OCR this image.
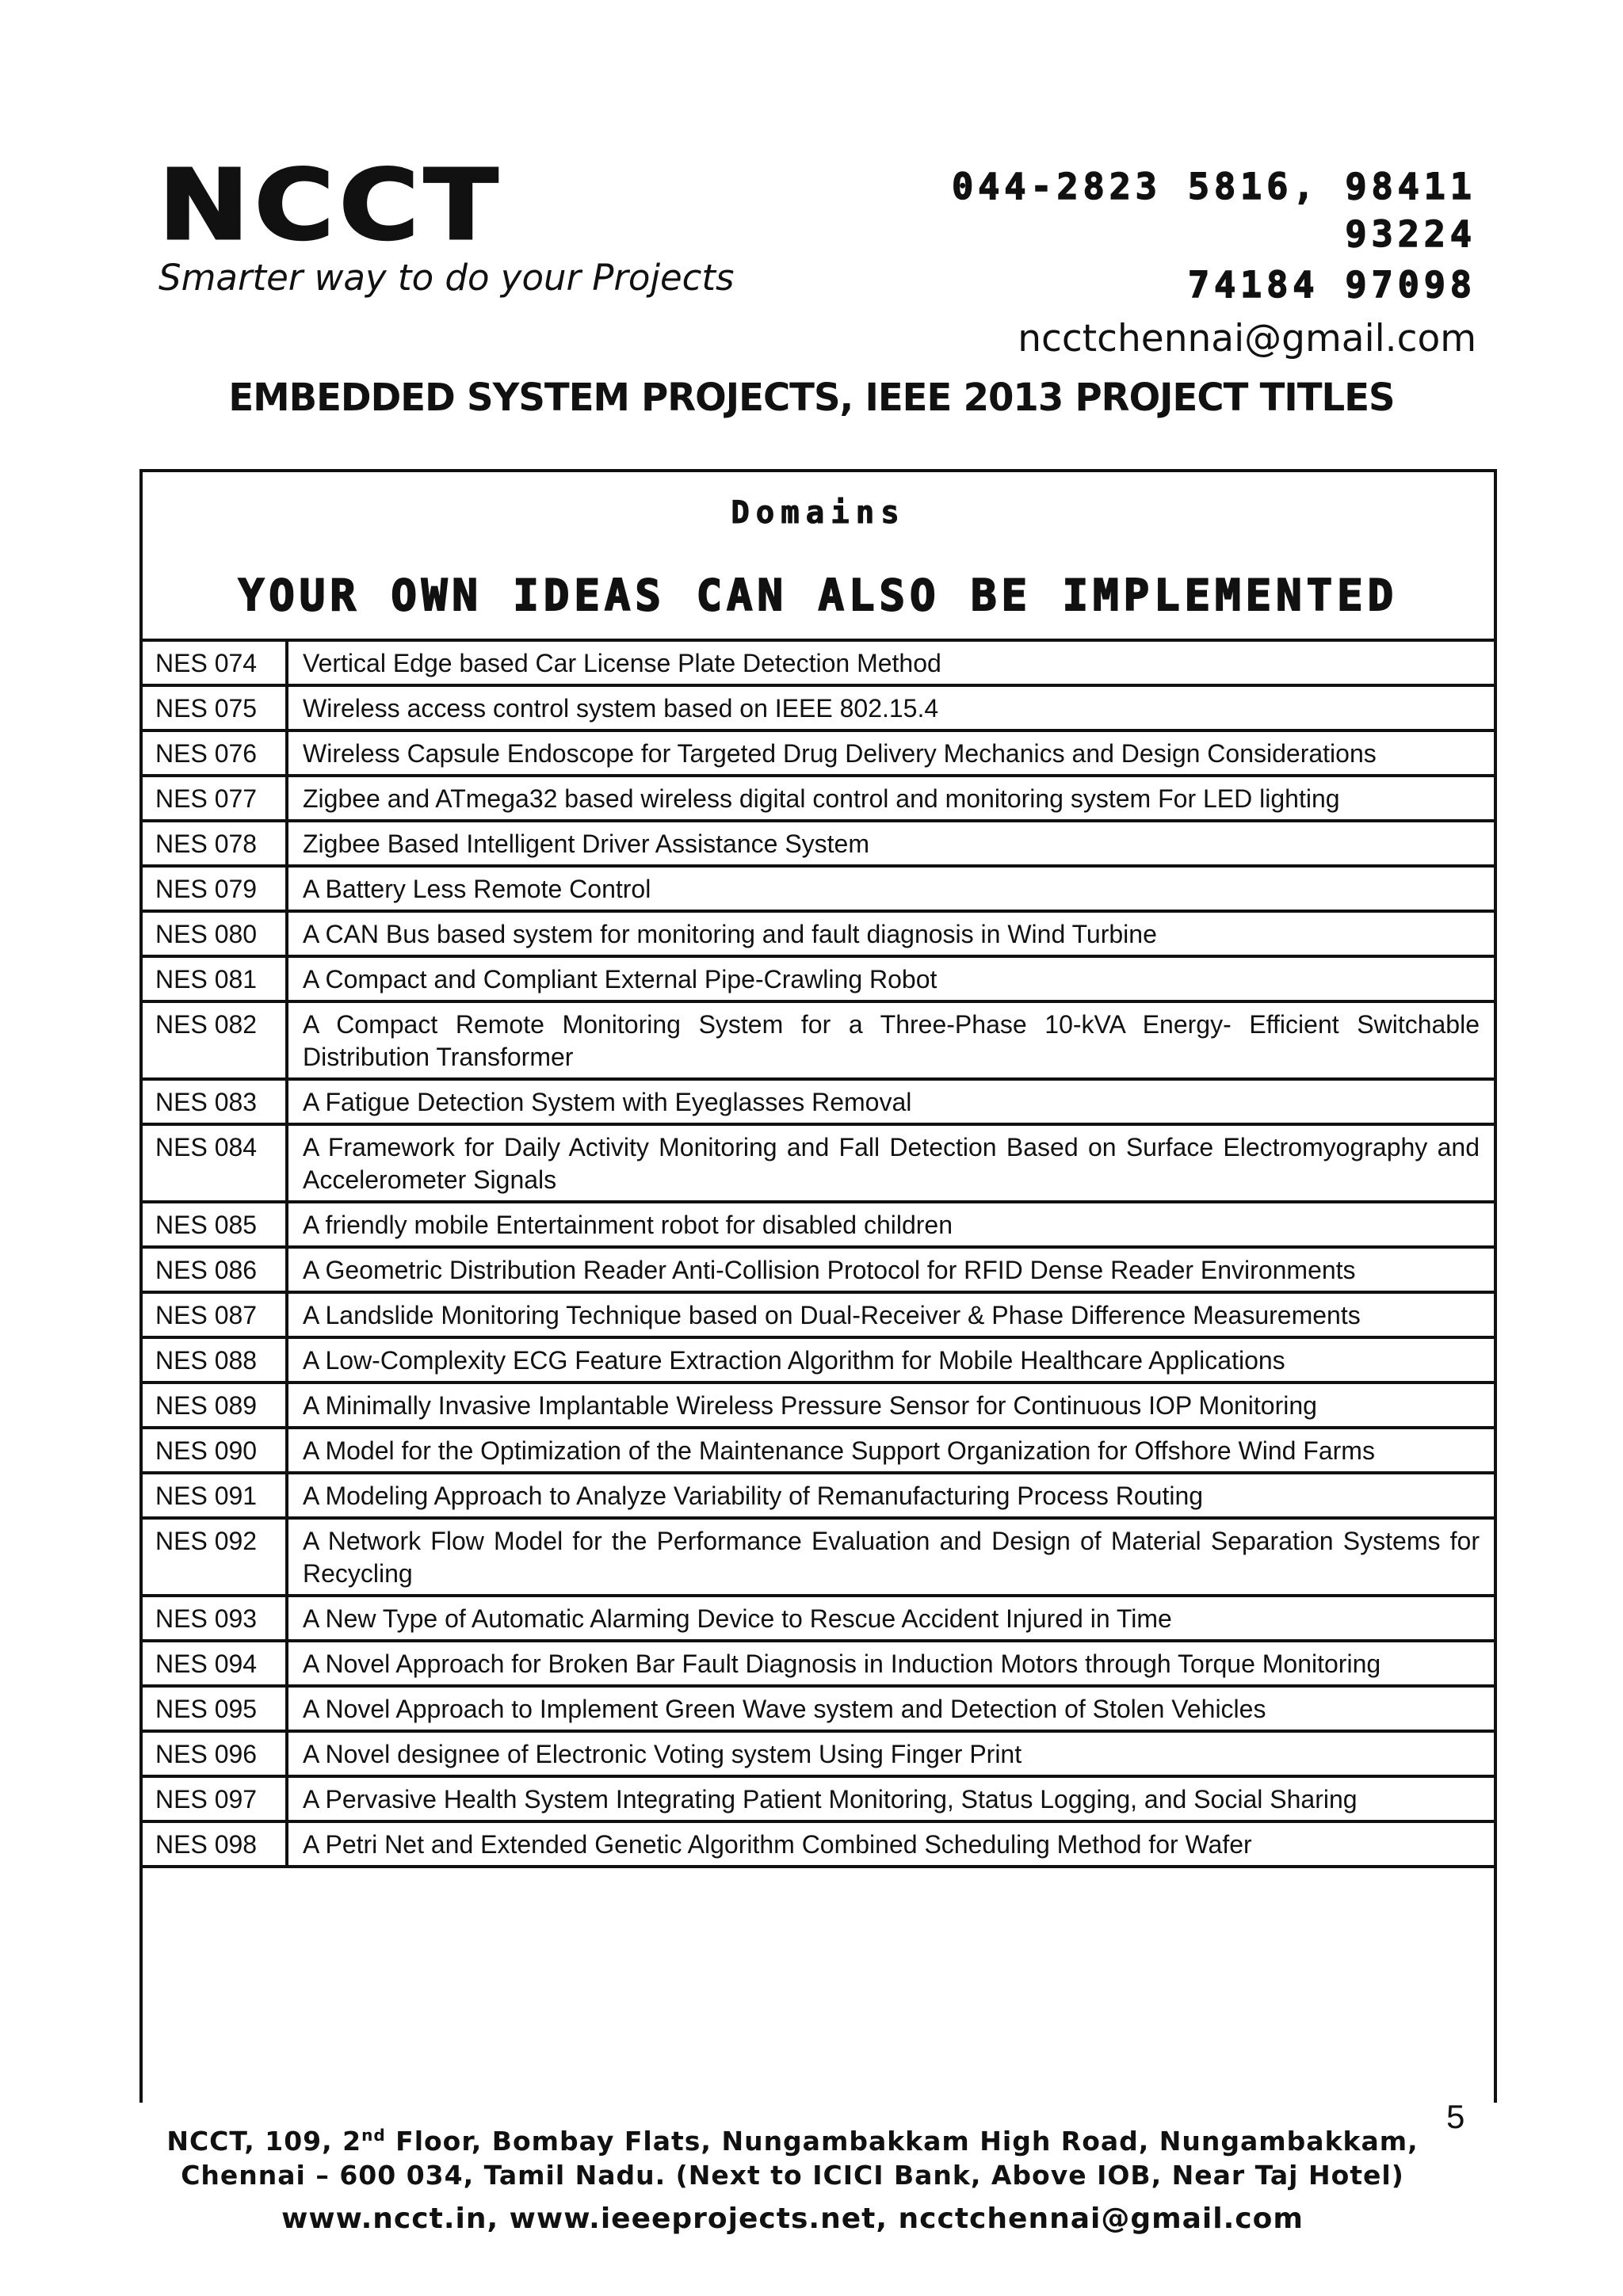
NCCT
Smarter way to do your Projects
044-2823 5816, 98411
93224
74184 97098
ncctchennai@gmail.com
EMBEDDED SYSTEM PROJECTS, IEEE 2013 PROJECT TITLES
Domains
YOUR OWN IDEAS CAN ALSO BE IMPLEMENTED
NES 074	Vertical Edge based Car License Plate Detection Method
NES 075	Wireless access control system based on IEEE 802.15.4
NES 076	Wireless Capsule Endoscope for Targeted Drug Delivery Mechanics and Design Considerations
NES 077	Zigbee and ATmega32 based wireless digital control and monitoring system For LED lighting
NES 078	Zigbee Based Intelligent Driver Assistance System
NES 079	A Battery Less Remote Control
NES 080	A CAN Bus based system for monitoring and fault diagnosis in Wind Turbine
NES 081	A Compact and Compliant External Pipe-Crawling Robot
NES 082	A Compact Remote Monitoring System for a Three-Phase 10-kVA Energy- Efficient Switchable Distribution Transformer
NES 083	A Fatigue Detection System with Eyeglasses Removal
NES 084	A Framework for Daily Activity Monitoring and Fall Detection Based on Surface Electromyography and Accelerometer Signals
NES 085	A friendly mobile Entertainment robot for disabled children
NES 086	A Geometric Distribution Reader Anti-Collision Protocol for RFID Dense Reader Environments
NES 087	A Landslide Monitoring Technique based on Dual-Receiver & Phase Difference Measurements
NES 088	A Low-Complexity ECG Feature Extraction Algorithm for Mobile Healthcare Applications
NES 089	A Minimally Invasive Implantable Wireless Pressure Sensor for Continuous IOP Monitoring
NES 090	A Model for the Optimization of the Maintenance Support Organization for Offshore Wind Farms
NES 091	A Modeling Approach to Analyze Variability of Remanufacturing Process Routing
NES 092	A Network Flow Model for the Performance Evaluation and Design of Material Separation Systems for Recycling
NES 093	A New Type of Automatic Alarming Device to Rescue Accident Injured in Time
NES 094	A Novel Approach for Broken Bar Fault Diagnosis in Induction Motors through Torque Monitoring
NES 095	A Novel Approach to Implement Green Wave system and Detection of Stolen Vehicles
NES 096	A Novel designee of Electronic Voting system Using Finger Print
NES 097	A Pervasive Health System Integrating Patient Monitoring, Status Logging, and Social Sharing
NES 098	A Petri Net and Extended Genetic Algorithm Combined Scheduling Method for Wafer
NCCT, 109, 2nd Floor, Bombay Flats, Nungambakkam High Road, Nungambakkam,
Chennai – 600 034, Tamil Nadu. (Next to ICICI Bank, Above IOB, Near Taj Hotel)
www.ncct.in, www.ieeeprojects.net, ncctchennai@gmail.com
5
